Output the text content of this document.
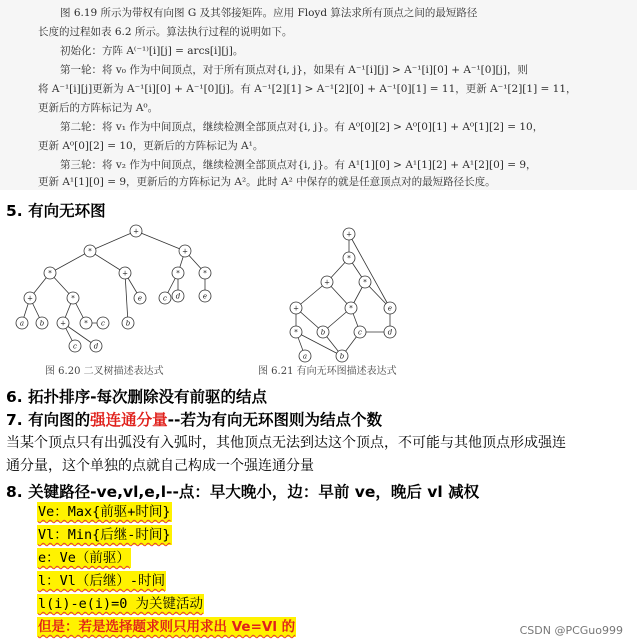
图 6.19 所示为带权有向图 G 及其邻接矩阵。应用 Floyd 算法求所有顶点之间的最短路径

长度的过程如表 6.2 所示。算法执行过程的说明如下。

初始化：方阵 A⁽⁻¹⁾[i][j] = arcs[i][j]。

第一轮：将 v₀ 作为中间顶点，对于所有顶点对{i, j}，如果有 A⁻¹[i][j] > A⁻¹[i][0] + A⁻¹[0][j]，则

将 A⁻¹[i][j]更新为 A⁻¹[i][0] + A⁻¹[0][j]。有 A⁻¹[2][1] > A⁻¹[2][0] + A⁻¹[0][1] = 11，更新 A⁻¹[2][1] = 11，

更新后的方阵标记为 A⁰。

第二轮：将 v₁ 作为中间顶点，继续检测全部顶点对{i, j}。有 A⁰[0][2] > A⁰[0][1] + A⁰[1][2] = 10，

更新 A⁰[0][2] = 10，更新后的方阵标记为 A¹。

第三轮：将 v₂ 作为中间顶点，继续检测全部顶点对{i, j}。有 A¹[1][0] > A¹[1][2] + A¹[2][0] = 9，

更新 A¹[1][0] = 9，更新后的方阵标记为 A²。此时 A² 中保存的就是任意顶点对的最短路径长度。

5. 有向无环图
+
*	+
*	+	*	*
+	*	e	c d	e
a b +	*	b
c
c d
+
*
+	*
+	*	e
*	b	c	d
a	b
图 6.20 二叉树描述表达式	图 6.21 有向无环图描述表达式
6. 拓扑排序-每次删除没有前驱的结点
7. 有向图的强连通分量--若为有向无环图则为结点个数
当某个顶点只有出弧没有入弧时，其他顶点无法到达这个顶点，不可能与其他顶点形成强连
通分量，这个单独的点就自己构成一个强连通分量
8. 关键路径-ve,vl,e,l--点：早大晚小，边：早前 ve，晚后 vl 减权
Ve：Max{前驱+时间}
Vl：Min{后继-时间}
e：Ve（前驱）
l：Vl（后继）-时间
l(i)-e(i)=0 为关键活动
但是：若是选择题求则只用求出 Ve=Vl 的	CSDN @PCGuo999
